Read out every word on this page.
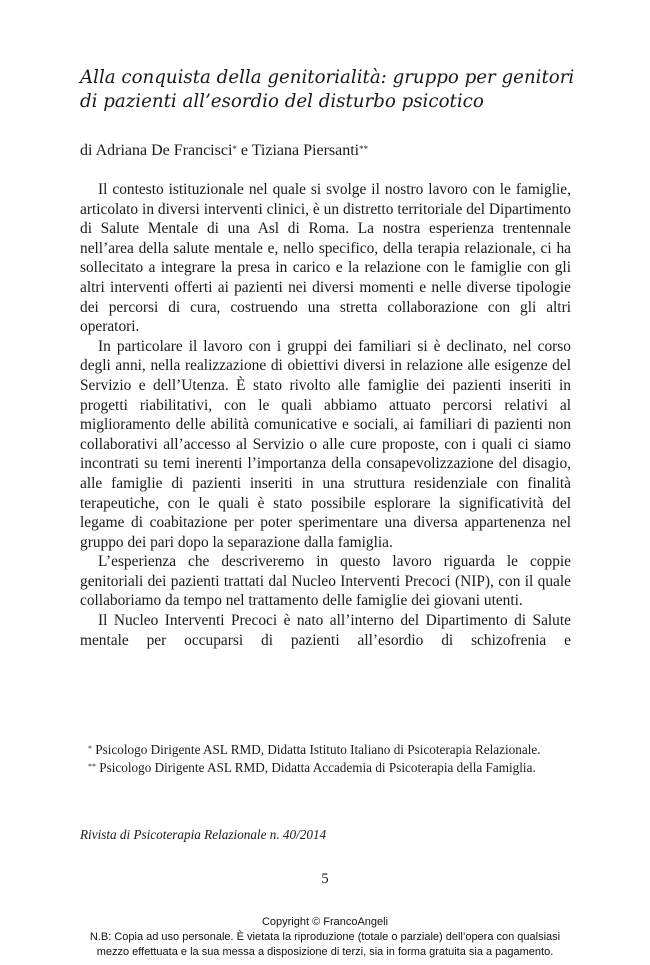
Alla conquista della genitorialità: gruppo per genitori
di pazienti all’esordio del disturbo psicotico
di Adriana De Francisci* e Tiziana Piersanti**

Il contesto istituzionale nel quale si svolge il nostro lavoro con le famiglie, articolato in diversi interventi clinici, è un distretto territoriale del Dipartimento di Salute Mentale di una Asl di Roma. La nostra esperienza trentennale nell’area della salute mentale e, nello specifico, della terapia relazionale, ci ha sollecitato a integrare la presa in carico e la relazione con le famiglie con gli altri interventi offerti ai pazienti nei diversi momenti e nelle diverse tipologie dei percorsi di cura, costruendo una stretta collaborazione con gli altri operatori.

In particolare il lavoro con i gruppi dei familiari si è declinato, nel corso degli anni, nella realizzazione di obiettivi diversi in relazione alle esigenze del Servizio e dell’Utenza. È stato rivolto alle famiglie dei pazienti inseriti in progetti riabilitativi, con le quali abbiamo attuato percorsi relativi al miglioramento delle abilità comunicative e sociali, ai familiari di pazienti non collaborativi all’accesso al Servizio o alle cure proposte, con i quali ci siamo incontrati su temi inerenti l’importanza della consapevolizzazione del disagio, alle famiglie di pazienti inseriti in una struttura residenziale con finalità terapeutiche, con le quali è stato possibile esplorare la significatività del legame di coabitazione per poter sperimentare una diversa appartenenza nel gruppo dei pari dopo la separazione dalla famiglia.

L’esperienza che descriveremo in questo lavoro riguarda le coppie genitoriali dei pazienti trattati dal Nucleo Interventi Precoci (NIP), con il quale collaboriamo da tempo nel trattamento delle famiglie dei giovani utenti.

Il Nucleo Interventi Precoci è nato all’interno del Dipartimento di Salute mentale per occuparsi di pazienti all’esordio di schizofrenia e

* Psicologo Dirigente ASL RMD, Didatta Istituto Italiano di Psicoterapia Relazionale.

** Psicologo Dirigente ASL RMD, Didatta Accademia di Psicoterapia della Famiglia.

Rivista di Psicoterapia Relazionale n. 40/2014
5
Copyright © FrancoAngeli
N.B: Copia ad uso personale. È vietata la riproduzione (totale o parziale) dell’opera con qualsiasi
mezzo effettuata e la sua messa a disposizione di terzi, sia in forma gratuita sia a pagamento.
